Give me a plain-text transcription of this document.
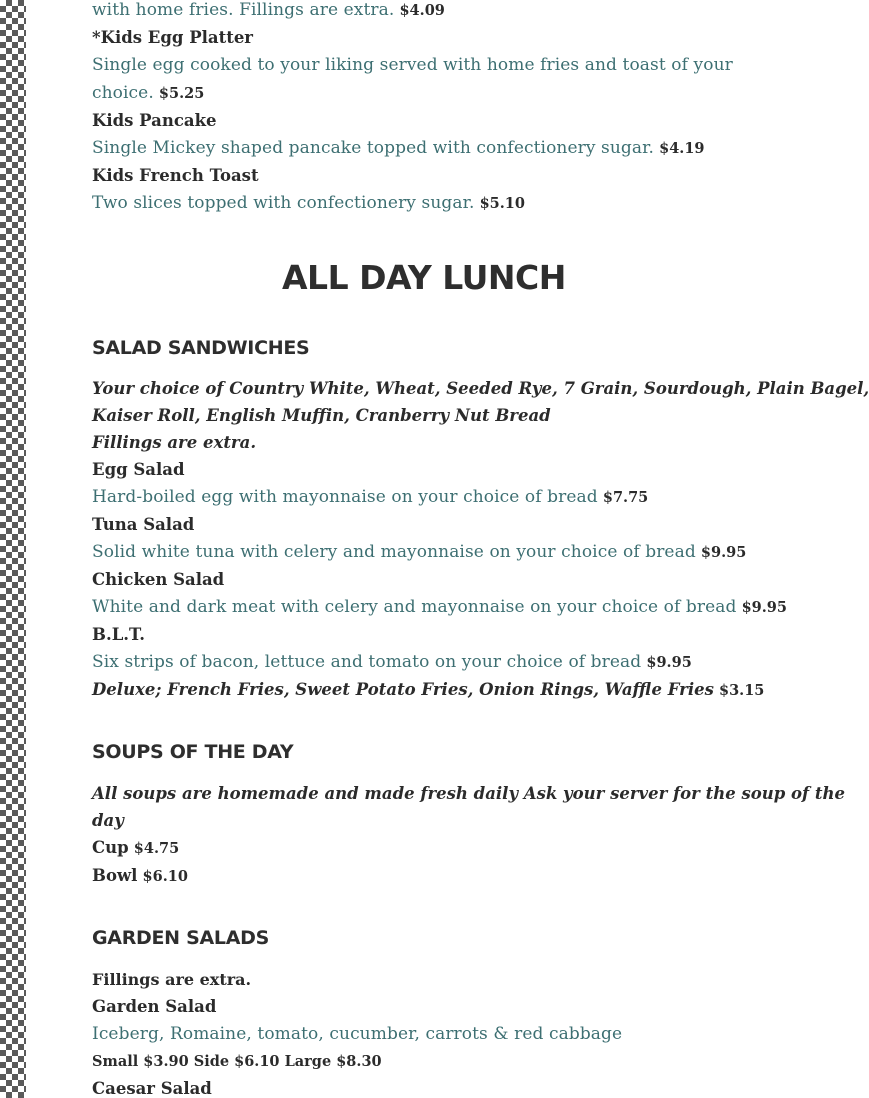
with home fries. Fillings are extra. $4.09
*Kids Egg Platter
Single egg cooked to your liking served with home fries and toast of your
choice. $5.25
Kids Pancake
Single Mickey shaped pancake topped with confectionery sugar. $4.19
Kids French Toast
Two slices topped with confectionery sugar. $5.10
ALL DAY LUNCH
SALAD SANDWICHES
Your choice of Country White, Wheat, Seeded Rye, 7 Grain, Sourdough, Plain Bagel,
Kaiser Roll, English Muffin, Cranberry Nut Bread
Fillings are extra.
Egg Salad
Hard-boiled egg with mayonnaise on your choice of bread $7.75
Tuna Salad
Solid white tuna with celery and mayonnaise on your choice of bread $9.95
Chicken Salad
White and dark meat with celery and mayonnaise on your choice of bread $9.95
B.L.T.
Six strips of bacon, lettuce and tomato on your choice of bread $9.95
Deluxe; French Fries, Sweet Potato Fries, Onion Rings, Waffle Fries $3.15
SOUPS OF THE DAY
All soups are homemade and made fresh daily Ask your server for the soup of the
day
Cup $4.75
Bowl $6.10
GARDEN SALADS
Fillings are extra.
Garden Salad
Iceberg, Romaine, tomato, cucumber, carrots & red cabbage
Small $3.90 Side $6.10 Large $8.30
Caesar Salad
